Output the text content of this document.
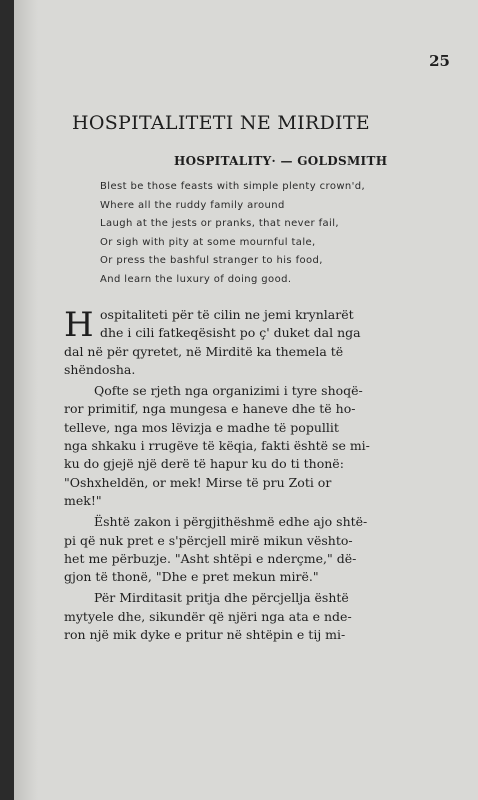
25
HOSPITALITETI NE MIRDITE
HOSPITALITY· — GOLDSMITH
Blest be those feasts with simple plenty crown'd,
Where all the ruddy family around
Laugh at the jests or pranks, that never fail,
Or sigh with pity at some mournful tale,
Or press the bashful stranger to his food,
And learn the luxury of doing good.
H ospitaliteti për të cilin ne jemi krynlarët
dhe i cili fatkeqësisht po ç' duket dal nga
dal në për qyretet, në Mirditë ka themela të
shëndosha.
Qofte se rjeth nga organizimi i tyre shoqë-
ror primitif, nga mungesa e haneve dhe të ho-
telleve, nga mos lëvizja e madhe të popullit
nga shkaku i rrugëve të këqia, fakti është se mi-
ku do gjejë një derë të hapur ku do ti thonë:
"Oshxheldën, or mek! Mirse të pru Zoti or
mek!"
Është zakon i përgjithëshmë edhe ajo shtë-
pi që nuk pret e s'përcjell mirë mikun vështo-
het me përbuzje. "Asht shtëpi e nderçme," dë-
gjon të thonë, "Dhe e pret mekun mirë."
Për Mirditasit pritja dhe përcjellja është
mytyele dhe, sikundër që njëri nga ata e nde-
ron një mik dyke e pritur në shtëpin e tij mi-
